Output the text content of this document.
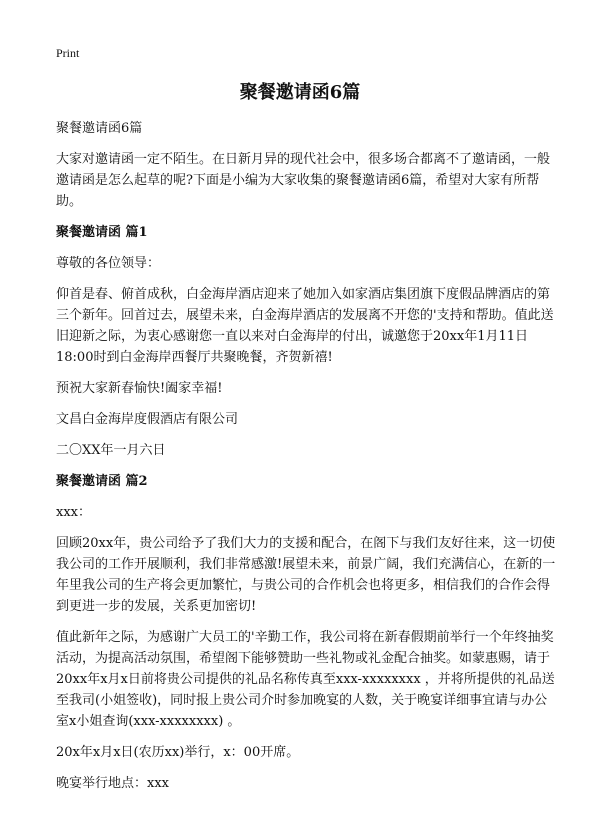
Print
聚餐邀请函6篇

聚餐邀请函6篇

大家对邀请函一定不陌生。在日新月异的现代社会中，很多场合都离不了邀请函，一般邀请函是怎么起草的呢?下面是小编为大家收集的聚餐邀请函6篇，希望对大家有所帮助。

聚餐邀请函 篇1

尊敬的各位领导：

仰首是春、俯首成秋，白金海岸酒店迎来了她加入如家酒店集团旗下度假品牌酒店的第三个新年。回首过去，展望未来，白金海岸酒店的发展离不开您的'支持和帮助。值此送旧迎新之际，为衷心感谢您一直以来对白金海岸的付出，诚邀您于20xx年1月11日18:00时到白金海岸西餐厅共聚晚餐，齐贺新禧!

预祝大家新春愉快!阖家幸福!

文昌白金海岸度假酒店有限公司

二〇XX年一月六日

聚餐邀请函 篇2

xxx：

回顾20xx年，贵公司给予了我们大力的支援和配合，在阁下与我们友好往来，这一切使我公司的工作开展顺利，我们非常感激!展望未来，前景广阔，我们充满信心，在新的一年里我公司的生产将会更加繁忙，与贵公司的合作机会也将更多，相信我们的合作会得到更进一步的发展，关系更加密切!

值此新年之际，为感谢广大员工的'辛勤工作，我公司将在新春假期前举行一个年终抽奖活动，为提高活动氛围，希望阁下能够赞助一些礼物或礼金配合抽奖。如蒙惠赐，请于20xx年x月x日前将贵公司提供的礼品名称传真至xxx-xxxxxxxx ，并将所提供的礼品送至我司(小姐签收)，同时报上贵公司介时参加晚宴的人数，关于晚宴详细事宜请与办公室x小姐查询(xxx-xxxxxxxx) 。

20x年x月x日(农历xx)举行，x：00开席。

晚宴举行地点：xxx
